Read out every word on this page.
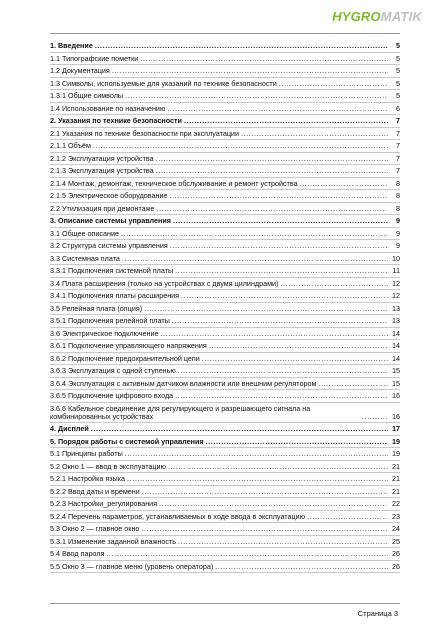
HYGROMATIK
1. Введение .....	5
1.1 Типографские пометки .....	5
1.2 Документация .....	5
1.3 Символы, используемые для указаний по технике безопасности .....	5
1.3.1 Общие символы .....	5
1.4 Использование по назначению .....	6
2. Указания по технике безопасности .....	7
2.1 Указания по технике безопасности при эксплуатации .....	7
2.1.1 Объём .....	7
2.1.2 Эксплуатация устройства .....	7
2.1.3 Эксплуатация устройства .....	7
2.1.4 Монтаж, демонтаж, техническое обслуживание и ремонт устройства .....	8
2.1.5 Электрическое оборудование .....	8
2.2 Утилизация при демонтаже .....	8
3. Описание системы управления .....	9
3.1 Общее описание .....	9
3.2 Структура системы управления .....	9
3.3 Системная плата .....	10
3.3.1 Подключения системной платы .....	11
3.4 Плата расширения (только на устройствах с двумя цилиндрами) .....	12
3.4.1 Подключения платы расширения .....	12
3.5 Релейная плата (опция) .....	13
3.5.1 Подключения релейной платы .....	13
3.6 Электрическое подключение .....	14
3.6.1 Подключение управляющего напряжения .....	14
3.6.2 Подключение предохранительной цепи .....	14
3.6.3 Эксплуатация с одной ступенью .....	15
3.6.4 Эксплуатация с активным датчиком влажности или внешним регулятором .....	15
3.6.5 Подключение цифрового входа .....	16
3.6.6 Кабельное соединение для регулирующего и разрешающего сигнала на комбинированных устройствах .....	16
4. Дисплей .....	17
5. Порядок работы с системой управления .....	19
5.1 Принципы работы .....	19
5.2 Окно 1 — ввод в эксплуатацию .....	21
5.2.1 Настройка языка .....	21
5.2.2 Ввод даты и времени .....	21
5.2.3 Настройки_регулирования .....	22
5.2.4 Перечень параметров, устанавливаемых в ходе ввода в эксплуатацию .....	23
5.3 Окно 2 — главное окно .....	24
5.3.1 Изменение заданной влажность .....	25
5.4 Ввод пароля .....	26
5.5 Окно 3 — главное меню (уровень оператора) .....	26
Страница 3
